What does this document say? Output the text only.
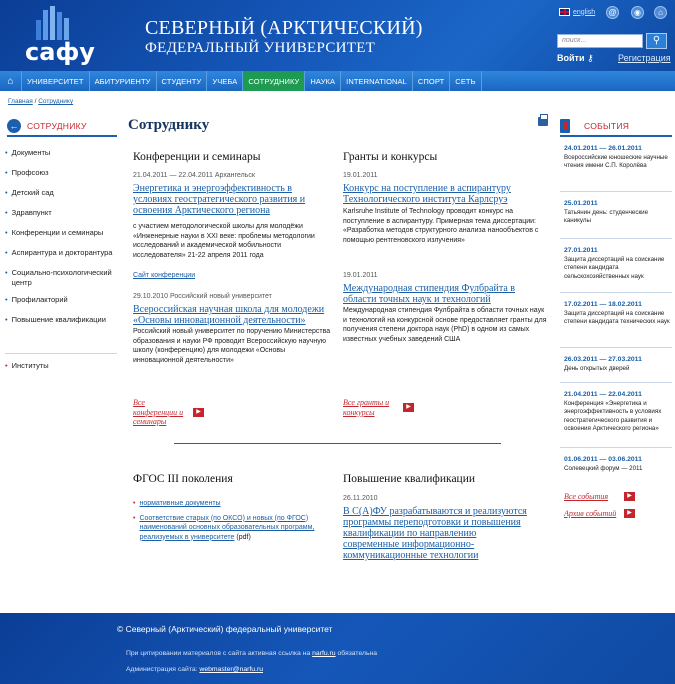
сафу
СЕВЕРНЫЙ (АРКТИЧЕСКИЙ)
ФЕДЕРАЛЬНЫЙ УНИВЕРСИТЕТ
english	@	◉	⌂
поиск...	⚲
Войти ⚷	Регистрация
⌂	УНИВЕРСИТЕТ	АБИТУРИЕНТУ	СТУДЕНТУ	УЧЕБА	СОТРУДНИКУ	НАУКА	INTERNATIONAL	СПОРТ	СЕТЬ
Главная / Сотруднику
← СОТРУДНИКУ
• Документы
• Профсоюз
• Детский сад
• Здравпункт
• Конференции и семинары
• Аспирантура и докторантура
• Социально-психологический центр
• Профилакторий
• Повышение квалификации
• Институты
Сотруднику
Конференции и семинары
21.04.2011 — 22.04.2011 Архангельск
Энергетика и энергоэффективность в условиях геостратегического развития и освоения Арктического региона
с участием методологической школы для молодёжи «Инженерные науки в XXI веке: проблемы методологии исследований и академической мобильности исследователя» 21-22 апреля 2011 года
Сайт конференции
29.10.2010 Российский новый университет
Всероссийская научная школа для молодежи «Основы инновационной деятельности»
Российский новый университет по поручению Министерства образования и науки РФ проводит Всероссийскую научную школу (конференцию) для молодежи «Основы инновационной деятельности»
Все конференции и семинары
▶
Гранты и конкурсы
19.01.2011
Конкурс на поступление в аспирантуру Технологического института Карлсруэ
Karlsruhe Institute of Technology проводит конкурс на поступление в аспирантуру. Примерная тема диссертации: «Разработка методов структурного анализа нанообъектов с помощью рентгеновского излучения»
19.01.2011
Международная стипендия Фулбрайта в области точных наук и технологий
Международная стипендия Фулбрайта в области точных наук и технологий на конкурсной основе предоставляет гранты для получения степени доктора наук (PhD) в одном из самых известных учебных заведений США
Все гранты и конкурсы
▶
ФГОС III поколения
• нормативные документы
• Соответствие старых (по ОКСО) и новых (по ФГОС) наименований основных образовательных программ, реализуемых в университете (pdf)
Повышение квалификации
26.11.2010
В С(А)ФУ разрабатываются и реализуются программы переподготовки и повышения квалификации по направлению современные информационно-коммуникационные технологии
СОБЫТИЯ
24.01.2011 — 26.01.2011
Всероссийские юношеские научные чтения имени С.П. Королёва
25.01.2011
Татьянин день: студенческие каникулы
27.01.2011
Защита диссертаций на соискание степени кандидата сельскохозяйственных наук
17.02.2011 — 18.02.2011
Защита диссертаций на соискание степени кандидата технических наук
26.03.2011 — 27.03.2011
День открытых дверей
21.04.2011 — 22.04.2011
Конференция «Энергетика и энергоэффективность в условиях геостратегического развития и освоения Арктического региона»
01.06.2011 — 03.06.2011
Солевецкий форум — 2011
Все события	▶
Архив событий	▶
© Северный (Арктический) федеральный университет
При цитировании материалов с сайта активная ссылка на narfu.ru обязательна
Администрация сайта: webmaster@narfu.ru
